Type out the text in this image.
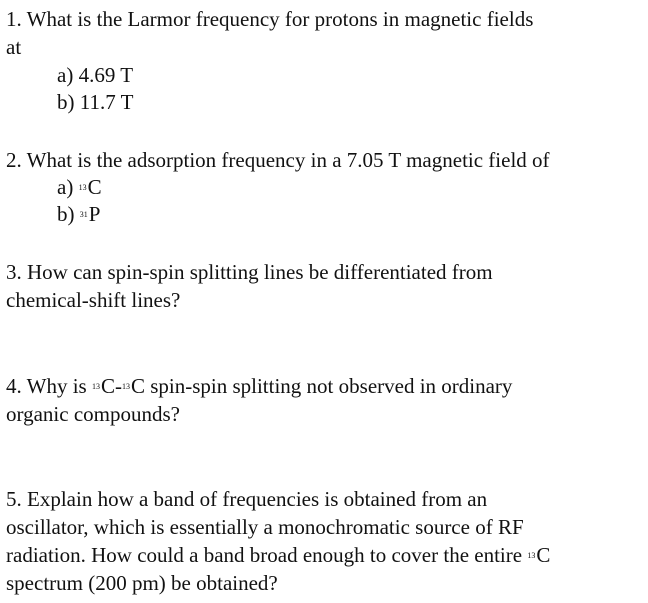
1. What is the Larmor frequency for protons in magnetic fields
at
a) 4.69 T
b) 11.7 T
2. What is the adsorption frequency in a 7.05 T magnetic field of
a) $^{13}$C
b) $^{31}$P
3. How can spin-spin splitting lines be differentiated from
chemical-shift lines?
4. Why is $^{13}$C-$^{13}$C spin-spin splitting not observed in ordinary
organic compounds?
5. Explain how a band of frequencies is obtained from an
oscillator, which is essentially a monochromatic source of RF
radiation. How could a band broad enough to cover the entire $^{13}$C
spectrum (200 pm) be obtained?
